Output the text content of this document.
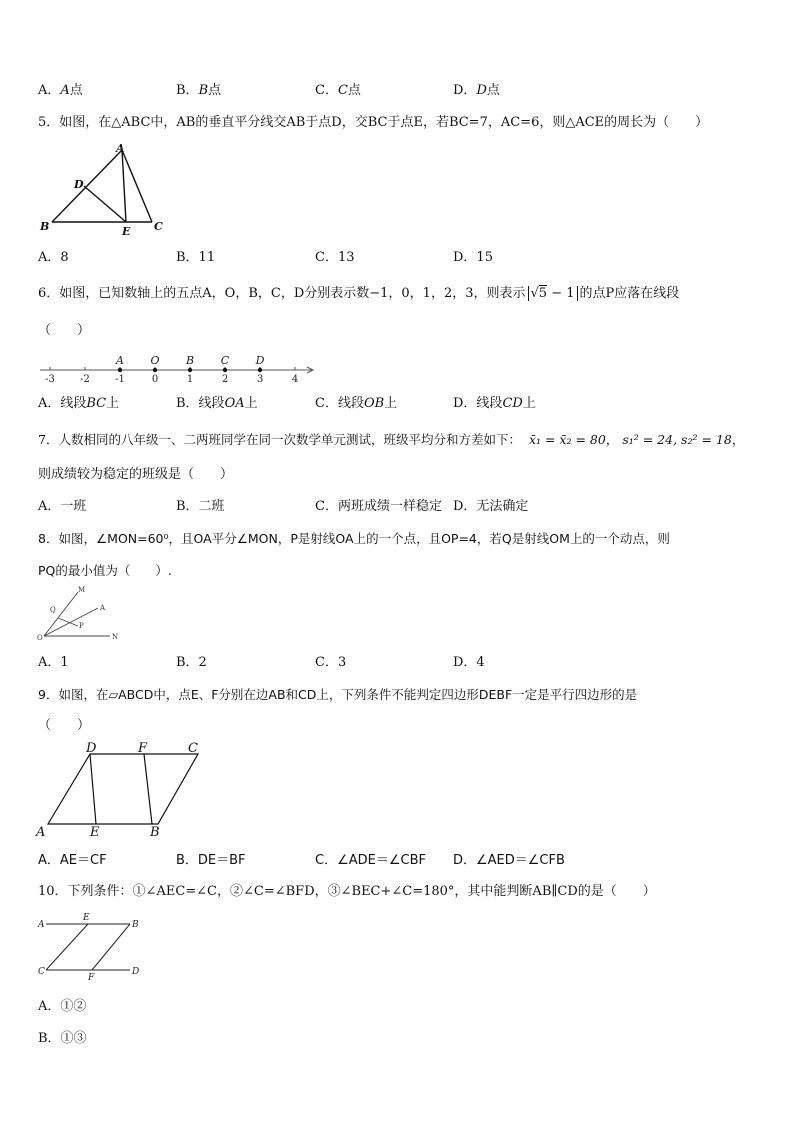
A．A点	B．B点	C．C点	D．D点
5．如图，在△ABC中，AB的垂直平分线交AB于点D，交BC于点E，若BC=7，AC=6，则△ACE的周长为（　　）
A
D
B	E C
A．8	B．11	C．13	D．15
6．如图，已知数轴上的五点A，O，B，C，D分别表示数−1，0，1，2，3，则表示 √5 − 1 的点P应落在线段
（　　）
-3	-2	-1	0	1	2	3	4
A O B C D
A．线段BC上	B．线段OA上	C．线段OB上	D．线段CD上
7．人数相同的八年级一、二两班同学在同一次数学单元测试，班级平均分和方差如下： x̄₁ = x̄₂ = 80， s₁² = 24, s₂² = 18，
则成绩较为稳定的班级是（　　）
A．一班	B．二班	C．两班成绩一样稳定 D．无法确定
8．如图，∠MON=60⁰，且OA平分∠MON，P是射线OA上的一个点，且OP=4，若Q是射线OM上的一个动点，则
PQ的最小值为（　　）.
M
Q	A
P
O	N
A．1	B．2	C．3	D．4
9．如图，在▱ABCD中，点E、F分别在边AB和CD上，下列条件不能判定四边形DEBF一定是平行四边形的是
（　　）
D	F	C
A	E	B
A．AE＝CF	B．DE＝BF	C．∠ADE＝∠CBF D．∠AED＝∠CFB
10．下列条件：①∠AEC=∠C，②∠C=∠BFD，③∠BEC+∠C=180°，其中能判断AB∥CD的是（　　）
A
E
B
C
F
D
A．①②
B．①③
